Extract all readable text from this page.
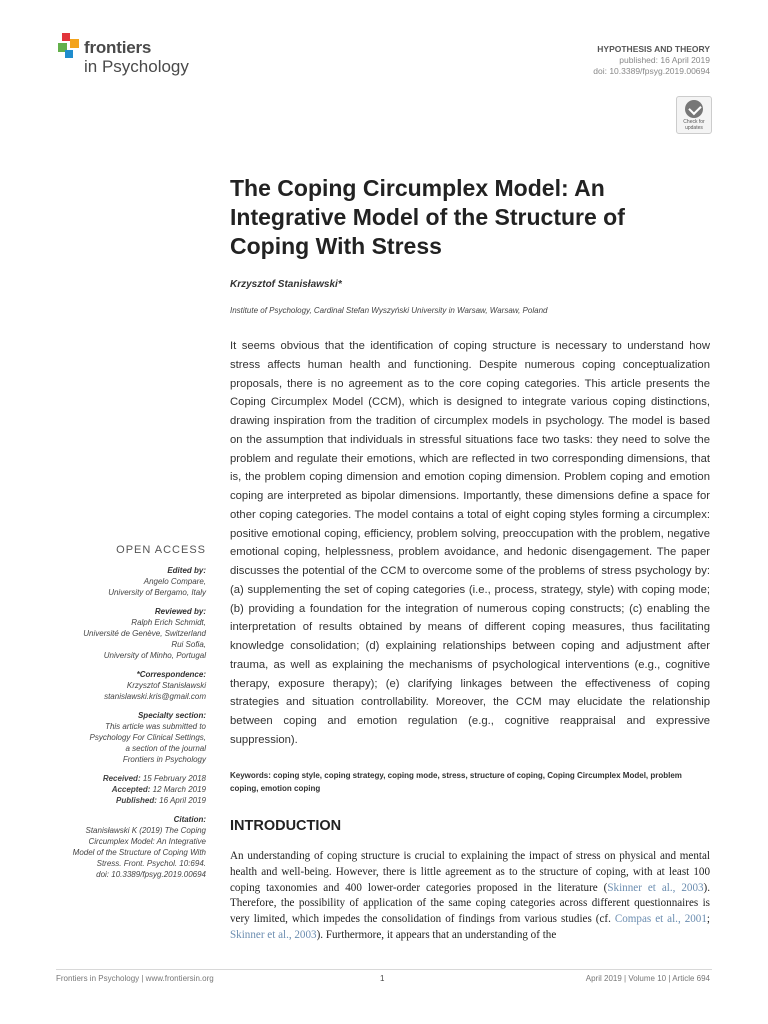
frontiers
in Psychology
HYPOTHESIS AND THEORY
published: 16 April 2019
doi: 10.3389/fpsyg.2019.00694
Check for
updates
The Coping Circumplex Model: An Integrative Model of the Structure of Coping With Stress
Krzysztof Stanisławski*
Institute of Psychology, Cardinal Stefan Wyszyński University in Warsaw, Warsaw, Poland

It seems obvious that the identification of coping structure is necessary to understand how stress affects human health and functioning. Despite numerous coping conceptualization proposals, there is no agreement as to the core coping categories. This article presents the Coping Circumplex Model (CCM), which is designed to integrate various coping distinctions, drawing inspiration from the tradition of circumplex models in psychology. The model is based on the assumption that individuals in stressful situations face two tasks: they need to solve the problem and regulate their emotions, which are reflected in two corresponding dimensions, that is, the problem coping dimension and emotion coping dimension. Problem coping and emotion coping are interpreted as bipolar dimensions. Importantly, these dimensions define a space for other coping categories. The model contains a total of eight coping styles forming a circumplex: positive emotional coping, efficiency, problem solving, preoccupation with the problem, negative emotional coping, helplessness, problem avoidance, and hedonic disengagement. The paper discusses the potential of the CCM to overcome some of the problems of stress psychology by: (a) supplementing the set of coping categories (i.e., process, strategy, style) with coping mode; (b) providing a foundation for the integration of numerous coping constructs; (c) enabling the interpretation of results obtained by means of different coping measures, thus facilitating knowledge consolidation; (d) explaining relationships between coping and adjustment after trauma, as well as explaining the mechanisms of psychological interventions (e.g., cognitive therapy, exposure therapy); (e) clarifying linkages between the effectiveness of coping strategies and situation controllability. Moreover, the CCM may elucidate the relationship between coping and emotion regulation (e.g., cognitive reappraisal and expressive suppression).

Keywords: coping style, coping strategy, coping mode, stress, structure of coping, Coping Circumplex Model, problem coping, emotion coping
INTRODUCTION

An understanding of coping structure is crucial to explaining the impact of stress on physical and mental health and well-being. However, there is little agreement as to the structure of coping, with at least 100 coping taxonomies and 400 lower-order categories proposed in the literature (Skinner et al., 2003). Therefore, the possibility of application of the same coping categories across different questionnaires is very limited, which impedes the consolidation of findings from various studies (cf. Compas et al., 2001; Skinner et al., 2003). Furthermore, it appears that an understanding of the

OPEN ACCESS
Edited by:
Angelo Compare,
University of Bergamo, Italy
Reviewed by:
Ralph Erich Schmidt,
Université de Genève, Switzerland
Rui Sofia,
University of Minho, Portugal
*Correspondence:
Krzysztof Stanisławski
stanislawski.kris@gmail.com
Specialty section:
This article was submitted to
Psychology For Clinical Settings,
a section of the journal
Frontiers in Psychology
Received: 15 February 2018
Accepted: 12 March 2019
Published: 16 April 2019
Citation:
Stanisławski K (2019) The Coping
Circumplex Model: An Integrative
Model of the Structure of Coping With
Stress. Front. Psychol. 10:694.
doi: 10.3389/fpsyg.2019.00694
Frontiers in Psychology | www.frontiersin.org	1	April 2019 | Volume 10 | Article 694
